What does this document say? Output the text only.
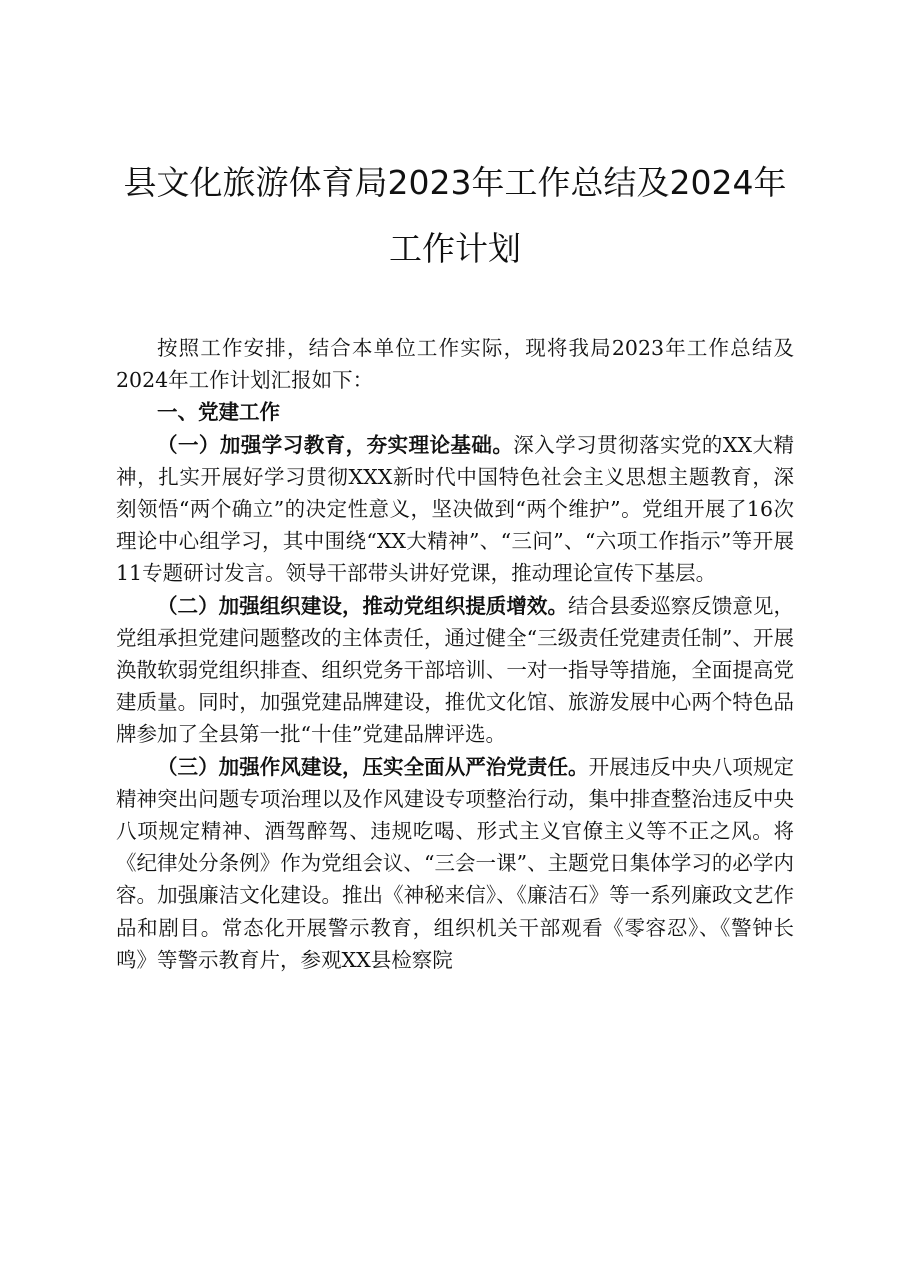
县文化旅游体育局2023年工作总结及2024年工作计划

按照工作安排，结合本单位工作实际，现将我局2023年工作总结及2024年工作计划汇报如下：

一、党建工作

（一）加强学习教育，夯实理论基础。深入学习贯彻落实党的XX大精神，扎实开展好学习贯彻XXX新时代中国特色社会主义思想主题教育，深刻领悟“两个确立”的决定性意义，坚决做到“两个维护”。党组开展了16次理论中心组学习，其中围绕“XX大精神”、“三问”、“六项工作指示”等开展11专题研讨发言。领导干部带头讲好党课，推动理论宣传下基层。

（二）加强组织建设，推动党组织提质增效。结合县委巡察反馈意见，党组承担党建问题整改的主体责任，通过健全“三级责任党建责任制”、开展涣散软弱党组织排查、组织党务干部培训、一对一指导等措施，全面提高党建质量。同时，加强党建品牌建设，推优文化馆、旅游发展中心两个特色品牌参加了全县第一批“十佳”党建品牌评选。

（三）加强作风建设，压实全面从严治党责任。开展违反中央八项规定精神突出问题专项治理以及作风建设专项整治行动，集中排查整治违反中央八项规定精神、酒驾醉驾、违规吃喝、形式主义官僚主义等不正之风。将《纪律处分条例》作为党组会议、“三会一课”、主题党日集体学习的必学内容。加强廉洁文化建设。推出《神秘来信》、《廉洁石》等一系列廉政文艺作品和剧目。常态化开展警示教育，组织机关干部观看《零容忍》、《警钟长鸣》等警示教育片，参观XX县检察院
